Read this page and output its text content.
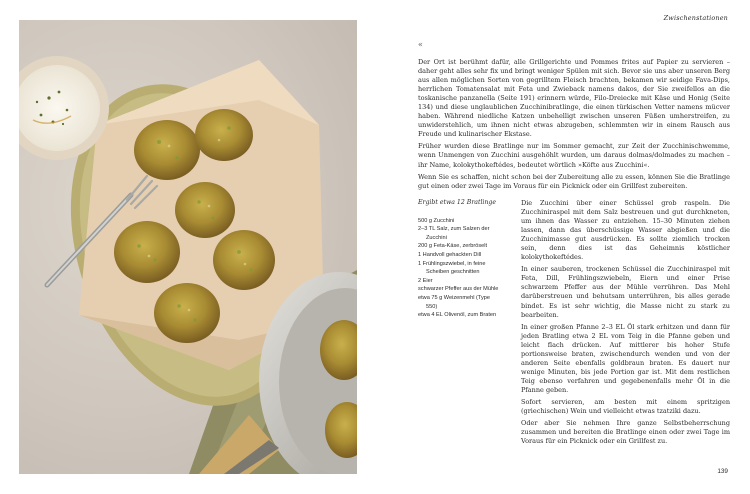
Zwischenstationen
«

Der Ort ist berühmt dafür, alle Grillgerichte und Pommes frites auf Papier zu servieren – daher geht alles sehr fix und bringt weniger Spülen mit sich. Bevor sie uns aber unseren Berg aus allen möglichen Sorten von gegrilltem Fleisch brachten, bekamen wir seidige Fava-Dips, herrlichen Tomatensalat mit Feta und Zwieback namens dakos, der Sie zweifellos an die toskanische panzanella (Seite 191) erinnern würde, Filo-Dreiecke mit Käse und Honig (Seite 134) und diese unglaublichen Zucchinibratlinge, die einen türkischen Vetter namens mücver haben. Während niedliche Katzen unbehelligt zwischen unseren Füßen umherstreifen, zu unwiderstehlich, um ihnen nicht etwas abzugeben, schlemmten wir in einem Rausch aus Freude und kulinarischer Ekstase.

Früher wurden diese Bratlinge nur im Sommer gemacht, zur Zeit der Zucchinischwemme, wenn Unmengen von Zucchini ausgehöhlt wurden, um daraus dolmas/dolmades zu machen – ihr Name, kolokythokeftédes, bedeutet wörtlich »Köfte aus Zucchini«.

Wenn Sie es schaffen, nicht schon bei der Zubereitung alle zu essen, können Sie die Bratlinge gut einen oder zwei Tage im Voraus für ein Picknick oder ein Grillfest zubereiten.

Ergibt etwa 12 Bratlinge
500 g Zucchini
2–3 TL Salz, zum Salzen der
Zucchini
200 g Feta-Käse, zerbröselt
1 Handvoll gehackten Dill
1 Frühlingszwiebel, in feine
Scheiben geschnitten
2 Eier
schwarzer Pfeffer aus der Mühle
etwa 75 g Weizenmehl (Type
550)
etwa 4 EL Olivenöl, zum Braten

Die Zucchini über einer Schüssel grob raspeln. Die Zucchiniraspel mit dem Salz bestreuen und gut durchkneten, um ihnen das Wasser zu entziehen. 15–30 Minuten ziehen lassen, dann das überschüssige Wasser abgießen und die Zucchinimasse gut ausdrücken. Es sollte ziemlich trocken sein, denn dies ist das Geheimnis köstlicher kolokythokeftédes.

In einer sauberen, trockenen Schüssel die Zucchiniraspel mit Feta, Dill, Frühlingszwiebeln, Eiern und einer Prise schwarzem Pfeffer aus der Mühle verrühren. Das Mehl darüberstreuen und behutsam unterrühren, bis alles gerade bindet. Es ist sehr wichtig, die Masse nicht zu stark zu bearbeiten.

In einer großen Pfanne 2–3 EL Öl stark erhitzen und dann für jeden Bratling etwa 2 EL vom Teig in die Pfanne geben und leicht flach drücken. Auf mittlerer bis hoher Stufe portionsweise braten, zwischendurch wenden und von der anderen Seite ebenfalls goldbraun braten. Es dauert nur wenige Minuten, bis jede Portion gar ist. Mit dem restlichen Teig ebenso verfahren und gegebenenfalls mehr Öl in die Pfanne geben.

Sofort servieren, am besten mit einem spritzigen (griechischen) Wein und vielleicht etwas tzatziki dazu.

Oder aber Sie nehmen Ihre ganze Selbstbeherrschung zusammen und bereiten die Bratlinge einen oder zwei Tage im Voraus für ein Picknick oder ein Grillfest zu.

139
